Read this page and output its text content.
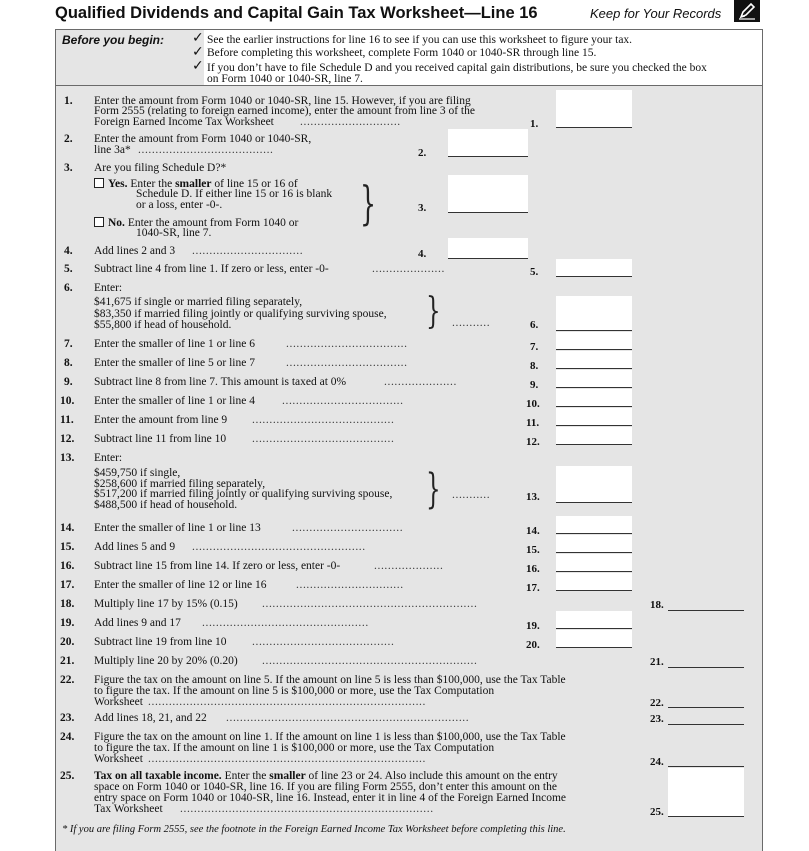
Qualified Dividends and Capital Gain Tax Worksheet—Line 16	Keep for Your Records
Before you begin: ✓
✓
✓
See the earlier instructions for line 16 to see if you can use this worksheet to figure your tax.
Before completing this worksheet, complete Form 1040 or 1040-SR through line 15.
If you don’t have to file Schedule D and you received capital gain distributions, be sure you checked the box
on Form 1040 or 1040-SR, line 7.
1. Enter the amount from Form 1040 or 1040-SR, line 15. However, if you are filing
Form 2555 (relating to foreign earned income), enter the amount from line 3 of the
Foreign Earned Income Tax Worksheet .............................	1.
2. Enter the amount from Form 1040 or 1040-SR,
line 3a* .......................................	2.
3. Are you filing Schedule D?*
Yes. Enter the smaller of line 15 or 16 of
Schedule D. If either line 15 or 16 is blank
or a loss, enter -0-.
No. Enter the amount from Form 1040 or
1040-SR, line 7.
}	3.
4. Add lines 2 and 3 ................................	4.
5. Subtract line 4 from line 1. If zero or less, enter -0-	.....................	5.
6. Enter:
$41,675 if single or married filing separately,
$83,350 if married filing jointly or qualifying surviving spouse,
$55,800 if head of household.	} ...........	6.
7. Enter the smaller of line 1 or line 6	...................................	7.
8. Enter the smaller of line 5 or line 7	...................................	8.
9. Subtract line 8 from line 7. This amount is taxed at 0%	.....................	9.
10. Enter the smaller of line 1 or line 4 ...................................	10.
11. Enter the amount from line 9 .........................................	11.
12. Subtract line 11 from line 10 .........................................	12.
13. Enter:
$459,750 if single,
$258,600 if married filing separately,
$517,200 if married filing jointly or qualifying surviving spouse,
$488,500 if head of household.	} ...........	13.
14. Enter the smaller of line 1 or line 13	................................	14.
15. Add lines 5 and 9 ..................................................	15.
16. Subtract line 15 from line 14. If zero or less, enter -0-	....................	16.
17. Enter the smaller of line 12 or line 16	...............................	17.
18. Multiply line 17 by 15% (0.15) ..............................................................	18.
19. Add lines 9 and 17 ................................................	19.
20. Subtract line 19 from line 10 .........................................	20.
21. Multiply line 20 by 20% (0.20) ..............................................................	21.
22. Figure the tax on the amount on line 5. If the amount on line 5 is less than $100,000, use the Tax Table
to figure the tax. If the amount on line 5 is $100,000 or more, use the Tax Computation
Worksheet ................................................................................	22.
23. Add lines 18, 21, and 22 ......................................................................	23.
24. Figure the tax on the amount on line 1. If the amount on line 1 is less than $100,000, use the Tax Table
to figure the tax. If the amount on line 1 is $100,000 or more, use the Tax Computation
Worksheet ................................................................................	24.
25. Tax on all taxable income. Enter the smaller of line 23 or 24. Also include this amount on the entry
space on Form 1040 or 1040-SR, line 16. If you are filing Form 2555, don’t enter this amount on the
entry space on Form 1040 or 1040-SR, line 16. Instead, enter it in line 4 of the Foreign Earned Income
Tax Worksheet .........................................................................	25.
* If you are filing Form 2555, see the footnote in the Foreign Earned Income Tax Worksheet before completing this line.
